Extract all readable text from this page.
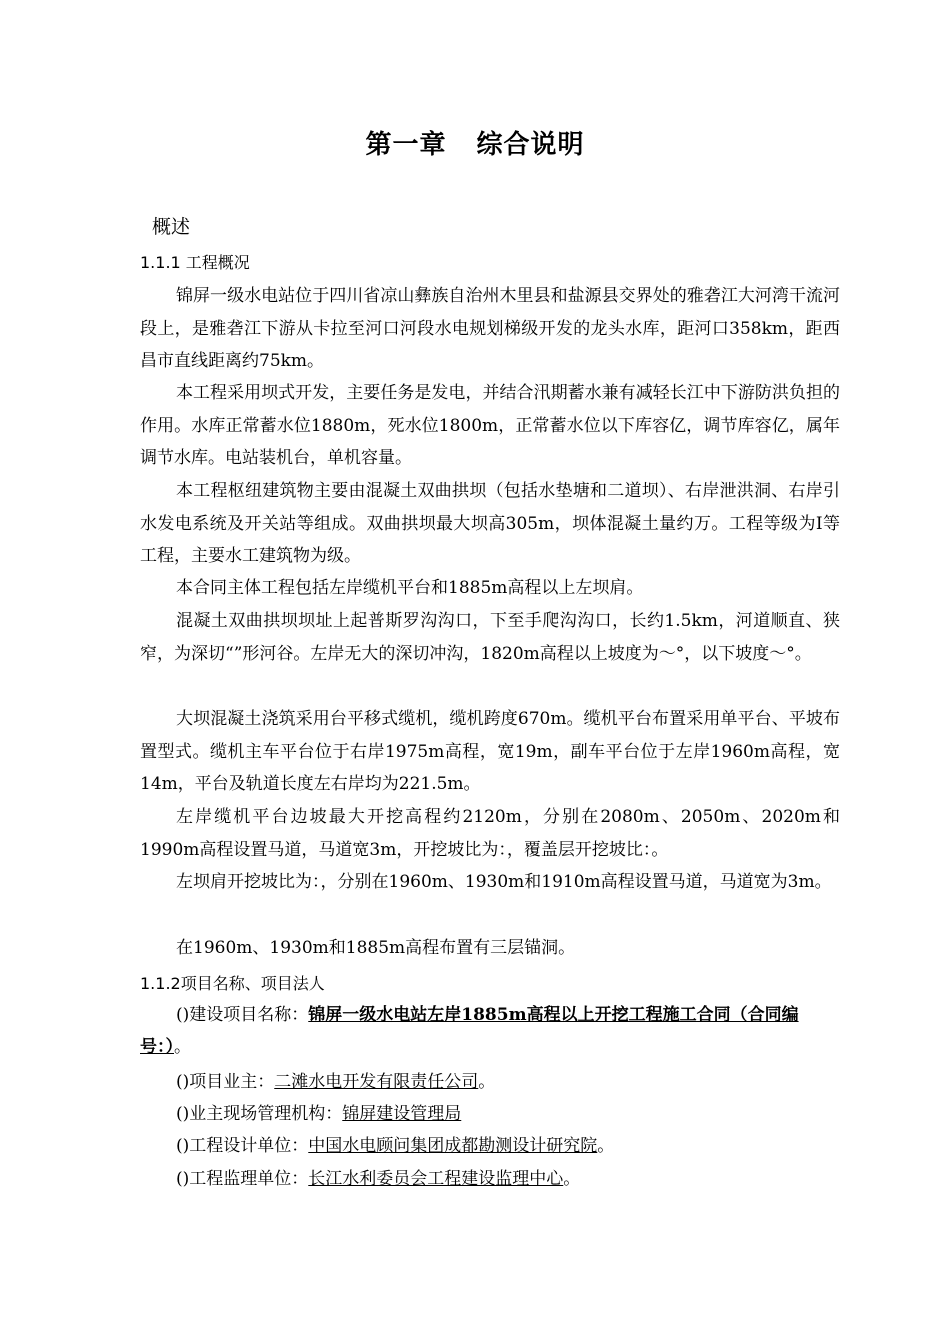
第一章 综合说明
概述
1.1.1 工程概况

锦屏一级水电站位于四川省凉山彝族自治州木里县和盐源县交界处的雅砻江大河湾干流河段上，是雅砻江下游从卡拉至河口河段水电规划梯级开发的龙头水库，距河口358km，距西昌市直线距离约75km。

本工程采用坝式开发，主要任务是发电，并结合汛期蓄水兼有减轻长江中下游防洪负担的作用。水库正常蓄水位1880m，死水位1800m，正常蓄水位以下库容亿，调节库容亿，属年调节水库。电站装机台，单机容量。

本工程枢纽建筑物主要由混凝土双曲拱坝（包括水垫塘和二道坝）、右岸泄洪洞、右岸引水发电系统及开关站等组成。双曲拱坝最大坝高305m，坝体混凝土量约万。工程等级为Ⅰ等工程，主要水工建筑物为级。

本合同主体工程包括左岸缆机平台和1885m高程以上左坝肩。

混凝土双曲拱坝坝址上起普斯罗沟沟口，下至手爬沟沟口，长约1.5km，河道顺直、狭窄，为深切“”形河谷。左岸无大的深切冲沟，1820m高程以上坡度为～°，以下坡度～°。

大坝混凝土浇筑采用台平移式缆机，缆机跨度670m。缆机平台布置采用单平台、平坡布置型式。缆机主车平台位于右岸1975m高程，宽19m，副车平台位于左岸1960m高程，宽14m，平台及轨道长度左右岸均为221.5m。

左岸缆机平台边坡最大开挖高程约2120m，分别在2080m、2050m、2020m和1990m高程设置马道，马道宽3m，开挖坡比为：，覆盖层开挖坡比：。

左坝肩开挖坡比为：，分别在1960m、1930m和1910m高程设置马道，马道宽为3m。

在1960m、1930m和1885m高程布置有三层锚洞。

1.1.2项目名称、项目法人
()建设项目名称：锦屏一级水电站左岸1885m高程以上开挖工程施工合同（合同编号：）。
()项目业主：二滩水电开发有限责任公司。
()业主现场管理机构：锦屏建设管理局
()工程设计单位：中国水电顾问集团成都勘测设计研究院。
()工程监理单位：长江水利委员会工程建设监理中心。
